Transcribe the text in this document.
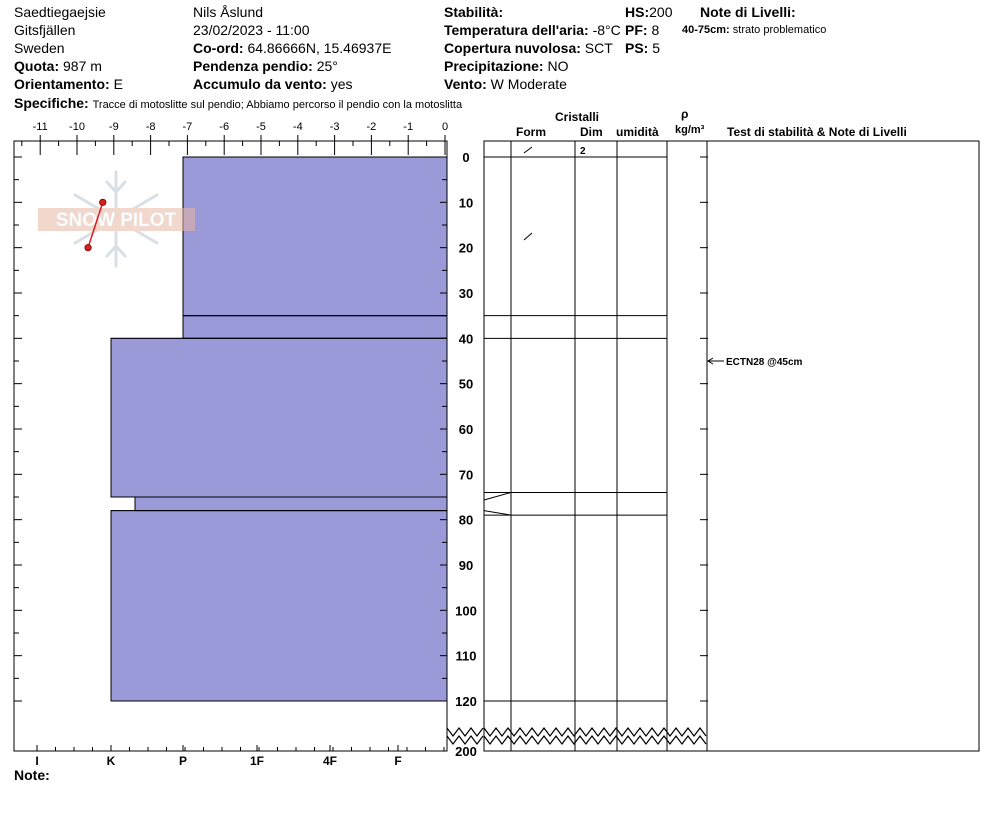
-11 -10 -9 -8 -7 -6 -5 -4 -3 -2 -1	0
0
10
20
30
40
50
60
70
80
90
100
110
120
200
I	K	P	1F	4F	F
2
SNOW PILOT
ECTN28 @45cm
Saedtiegaejsie
Gitsfjällen
Sweden
Quota: 987 m
Orientamento: E
Specifiche: Tracce di motoslitte sul pendio; Abbiamo percorso il pendio con la motoslitta
Nils Åslund
23/02/2023 - 11:00
Co-ord: 64.86666N, 15.46937E
Pendenza pendio: 25°
Accumulo da vento: yes
Stabilità:
Temperatura dell'aria: -8°C
Copertura nuvolosa: SCT
Precipitazione: NO
Vento: W Moderate
HS:200
PF: 8
PS: 5
Note di Livelli:
40-75cm: strato problematico
Cristalli
Form	Dim umidità
ρ
kg/m³ Test di stabilità & Note di Livelli
Note:
